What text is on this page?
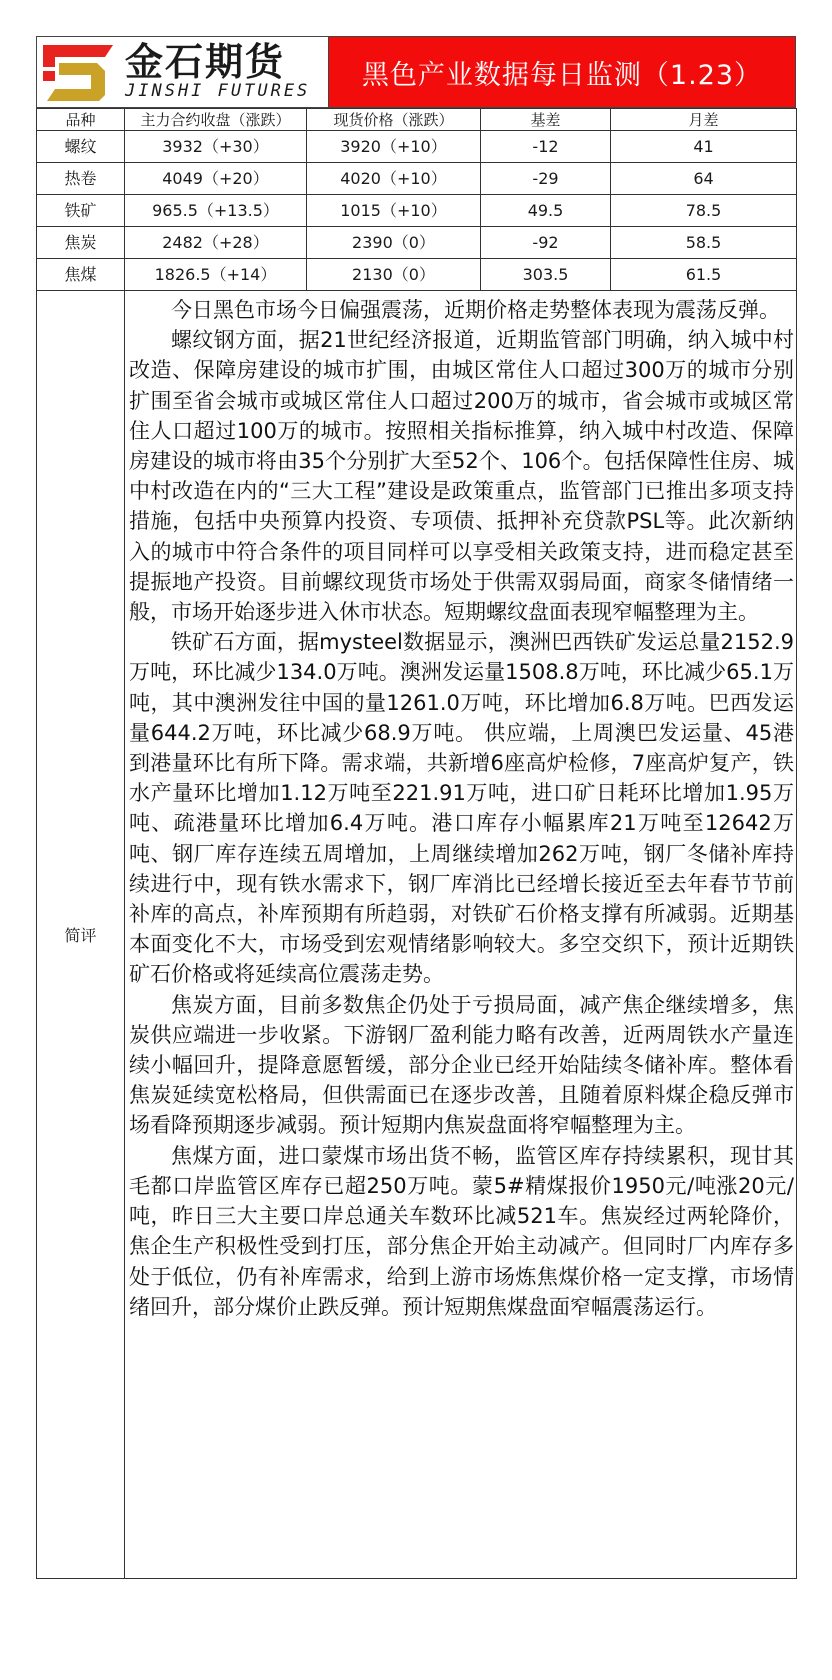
金石期货
JINSHI FUTURES
黑色产业数据每日监测（1.23）
品种	主力合约收盘（涨跌）	现货价格（涨跌）	基差	月差
螺纹	3932（+30）	3920（+10）	-12	41
热卷	4049（+20）	4020（+10）	-29	64
铁矿	965.5（+13.5）	1015（+10）	49.5	78.5
焦炭	2482（+28）	2390（0）	-92	58.5
焦煤	1826.5（+14）	2130（0）	303.5	61.5
简评	今日黑色市场今日偏强震荡，近期价格走势整体表现为震荡反弹。

螺纹钢方面，据21世纪经济报道，近期监管部门明确，纳入城中村改造、保障房建设的城市扩围，由城区常住人口超过300万的城市分别扩围至省会城市或城区常住人口超过200万的城市，省会城市或城区常住人口超过100万的城市。按照相关指标推算，纳入城中村改造、保障房建设的城市将由35个分别扩大至52个、106个。包括保障性住房、城中村改造在内的“三大工程”建设是政策重点，监管部门已推出多项支持措施，包括中央预算内投资、专项债、抵押补充贷款PSL等。此次新纳入的城市中符合条件的项目同样可以享受相关政策支持，进而稳定甚至提振地产投资。目前螺纹现货市场处于供需双弱局面，商家冬储情绪一般，市场开始逐步进入休市状态。短期螺纹盘面表现窄幅整理为主。

铁矿石方面，据mysteel数据显示，澳洲巴西铁矿发运总量2152.9万吨，环比减少134.0万吨。澳洲发运量1508.8万吨，环比减少65.1万吨，其中澳洲发往中国的量1261.0万吨，环比增加6.8万吨。巴西发运量644.2万吨，环比减少68.9万吨。 供应端，上周澳巴发运量、45港到港量环比有所下降。需求端，共新增6座高炉检修，7座高炉复产，铁水产量环比增加1.12万吨至221.91万吨，进口矿日耗环比增加1.95万吨、疏港量环比增加6.4万吨。港口库存小幅累库21万吨至12642万吨、钢厂库存连续五周增加，上周继续增加262万吨，钢厂冬储补库持续进行中，现有铁水需求下，钢厂库消比已经增长接近至去年春节节前补库的高点，补库预期有所趋弱，对铁矿石价格支撑有所减弱。近期基本面变化不大，市场受到宏观情绪影响较大。多空交织下，预计近期铁矿石价格或将延续高位震荡走势。

焦炭方面，目前多数焦企仍处于亏损局面，减产焦企继续增多，焦炭供应端进一步收紧。下游钢厂盈利能力略有改善，近两周铁水产量连续小幅回升，提降意愿暂缓，部分企业已经开始陆续冬储补库。整体看焦炭延续宽松格局，但供需面已在逐步改善，且随着原料煤企稳反弹市场看降预期逐步减弱。预计短期内焦炭盘面将窄幅整理为主。

焦煤方面，进口蒙煤市场出货不畅，监管区库存持续累积，现甘其毛都口岸监管区库存已超250万吨。蒙5#精煤报价1950元/吨涨20元/吨，昨日三大主要口岸总通关车数环比减521车。焦炭经过两轮降价，焦企生产积极性受到打压，部分焦企开始主动减产。但同时厂内库存多处于低位，仍有补库需求，给到上游市场炼焦煤价格一定支撑，市场情绪回升，部分煤价止跌反弹。预计短期焦煤盘面窄幅震荡运行。			
